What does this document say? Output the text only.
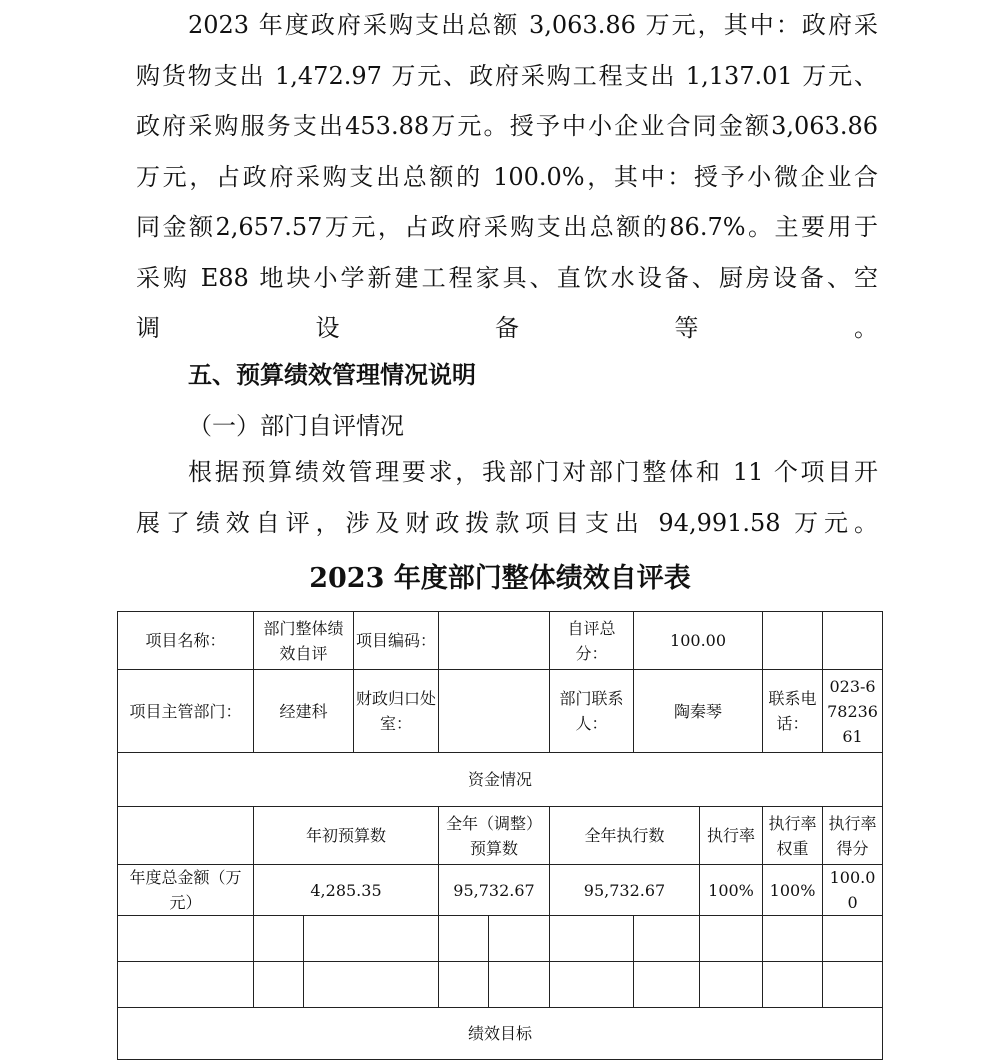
2023 年度政府采购支出总额 3,063.86 万元，其中：政府采
购货物支出 1,472.97 万元、政府采购工程支出 1,137.01 万元、
政府采购服务支出453.88万元。授予中小企业合同金额3,063.86
万元，占政府采购支出总额的 100.0%，其中：授予小微企业合
同金额2,657.57万元，占政府采购支出总额的86.7%。主要用于
采购 E88 地块小学新建工程家具、直饮水设备、厨房设备、空
调设备等。

五、预算绩效管理情况说明

（一）部门自评情况

根据预算绩效管理要求，我部门对部门整体和 11 个项目开
展了绩效自评，涉及财政拨款项目支出 94,991.58 万元。

2023 年度部门整体绩效自评表

项目名称：	部门整体绩效自评		项目编码：			自评总分：	100.00			
项目主管部门：	经建科		财政归口处室：			部门联系人：	陶秦琴		联系电话：	023-67823661
资金情况										
	年初预算数			全年（调整）预算数		全年执行数		执行率	执行率权重	执行率得分
年度总金额（万元）	4,285.35			95,732.67		95,732.67		100%	100%	100.00

绩效目标										
